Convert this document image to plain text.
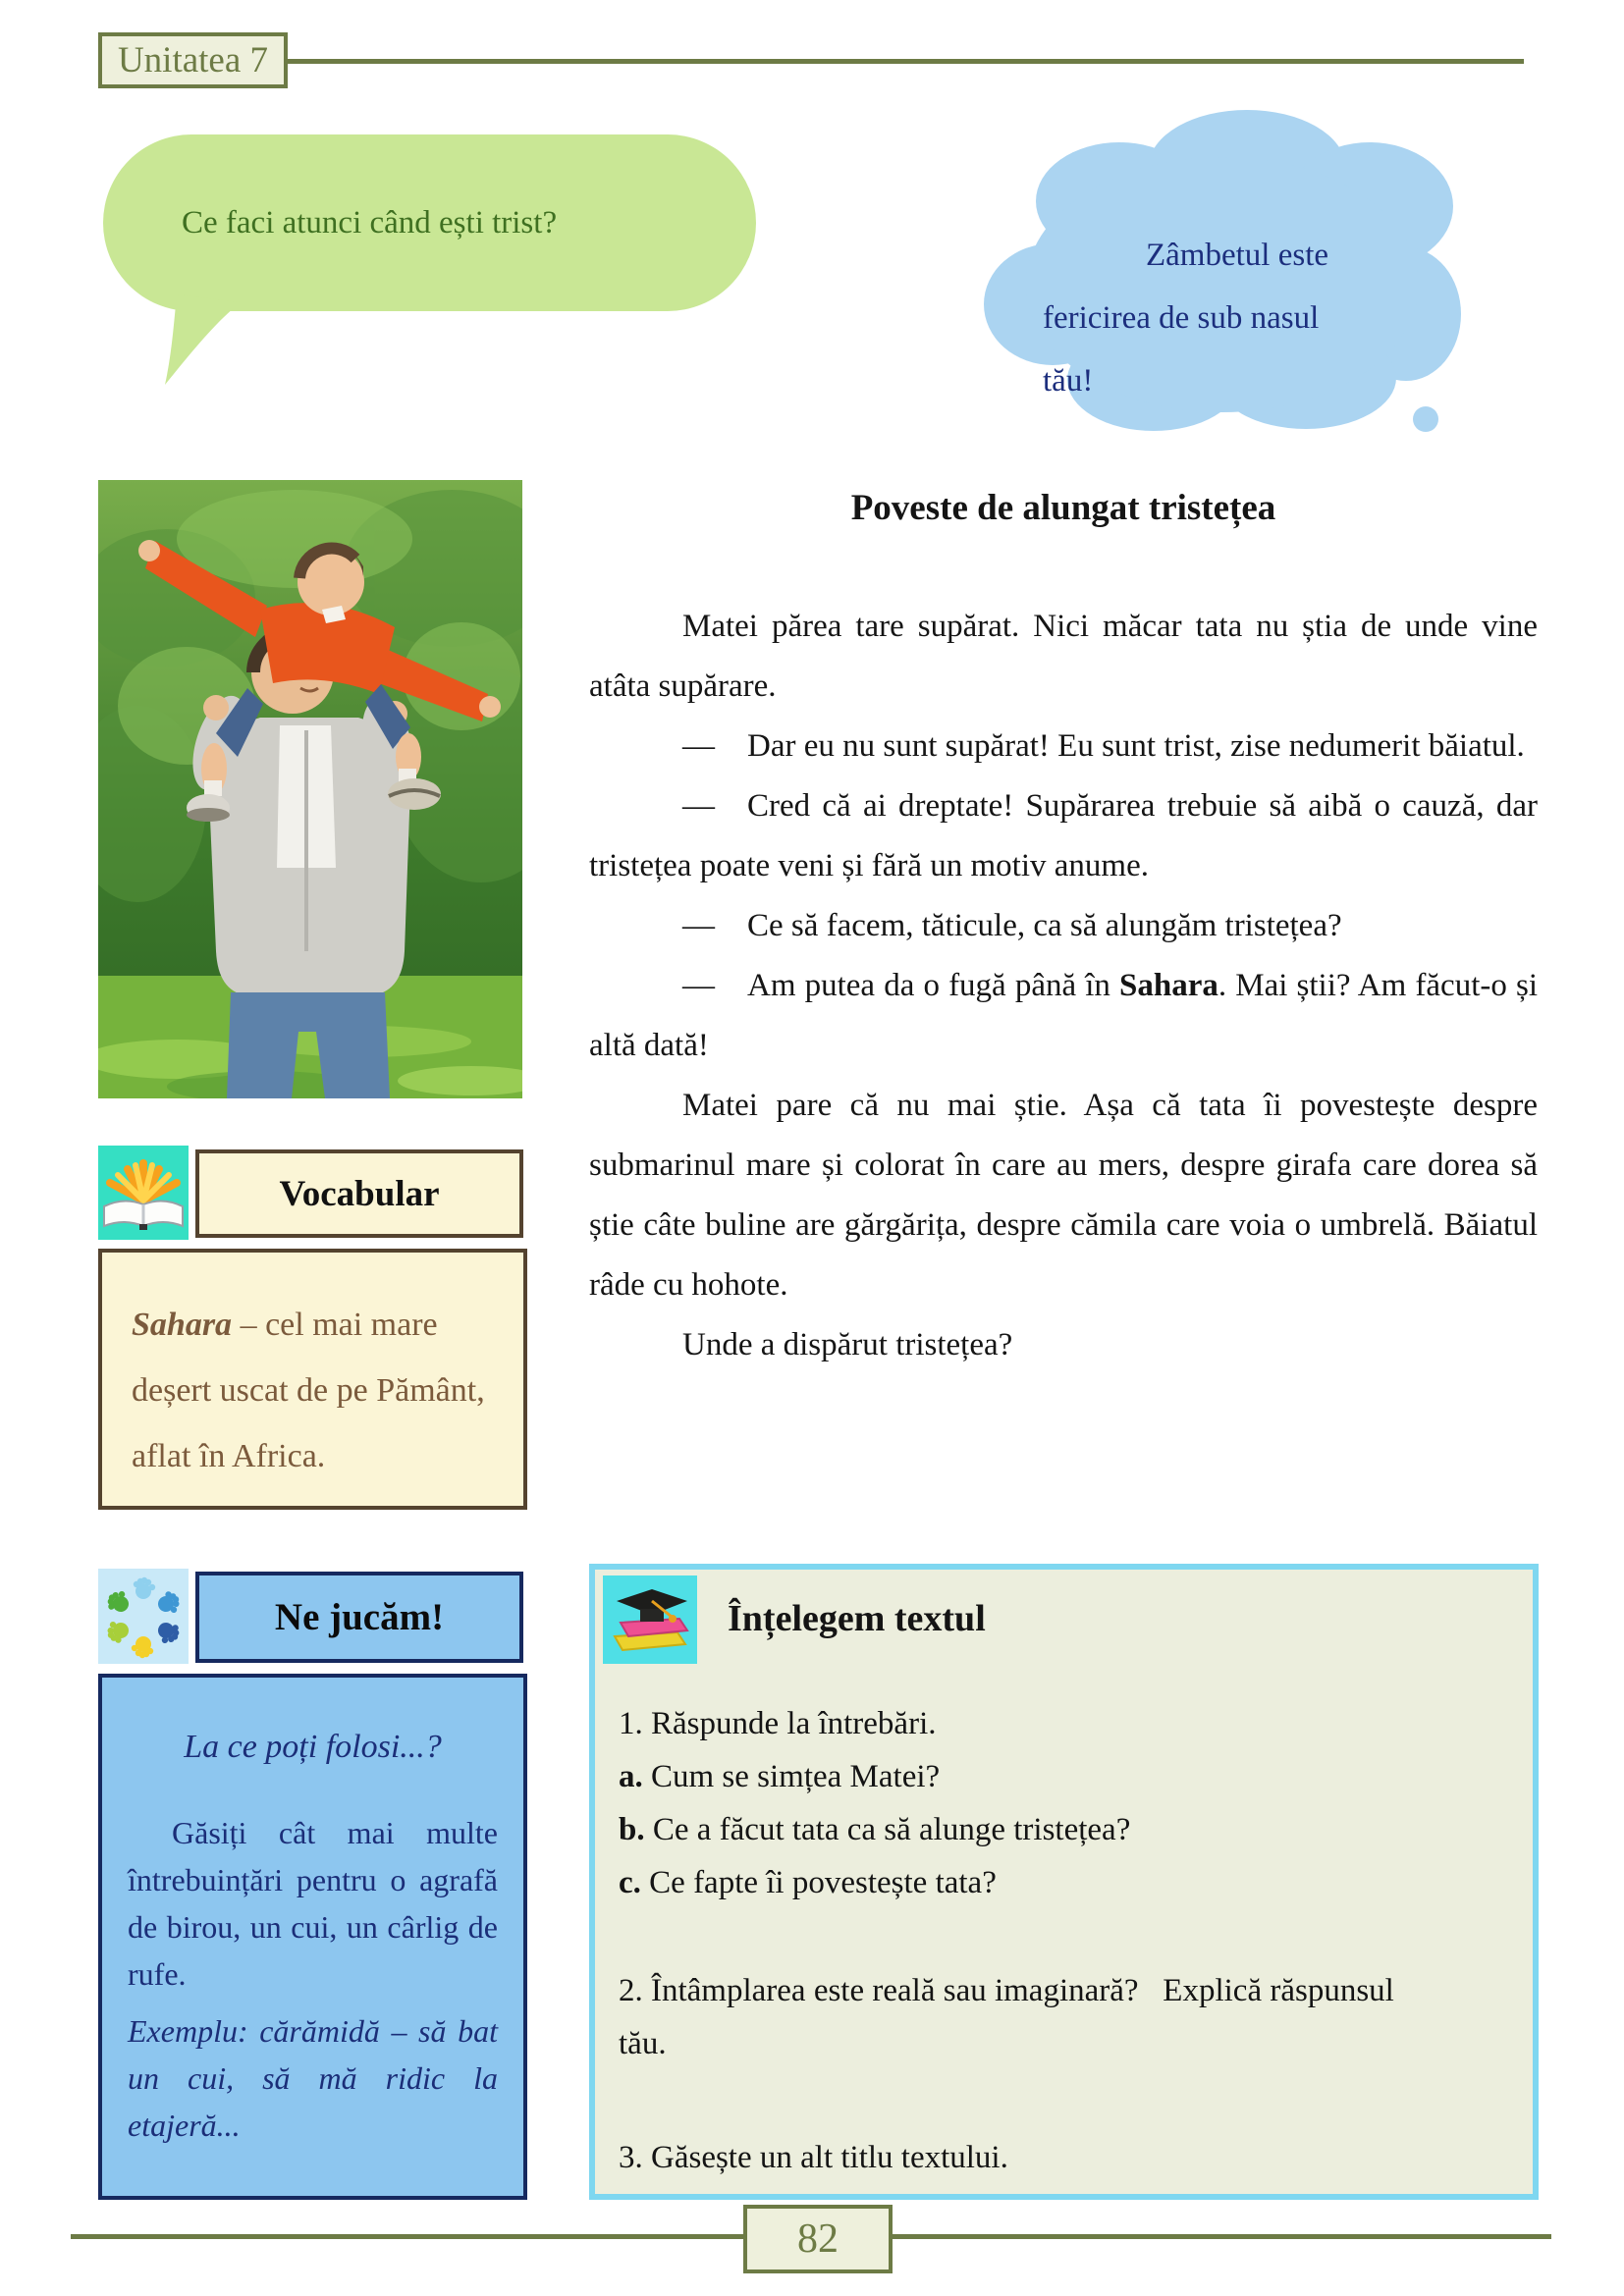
Unitatea 7
Ce faci atunci când ești trist?
Zâmbetul este
fericirea de sub nasul
tău!
Poveste de alungat tristețea

Matei părea tare supărat. Nici măcar tata nu știa de unde vine atâta supărare.

— Dar eu nu sunt supărat! Eu sunt trist, zise nedumerit băiatul.

— Cred că ai dreptate! Supărarea trebuie să aibă o cauză, dar tristețea poate veni și fără un motiv anume.

— Ce să facem, tăticule, ca să alungăm tristețea?

— Am putea da o fugă până în Sahara. Mai știi? Am făcut-o și altă dată!

Matei pare că nu mai știe. Așa că tata îi povestește despre submarinul mare și colorat în care au mers, despre girafa care dorea să știe câte buline are gărgărița, despre cămila care voia o umbrelă. Băiatul râde cu hohote.

Unde a dispărut tristețea?

Vocabular

Sahara – cel mai mare deșert uscat de pe Pământ, aflat în Africa.

Ne jucăm!
La ce poți folosi...?
Găsiți cât mai multe întrebuințări pentru o agrafă de birou, un cui, un cârlig de rufe.
Exemplu: cărămidă – să bat un cui, să mă ridic la etajeră...
Înțelegem textul
1. Răspunde la întrebări.
a. Cum se simțea Matei?
b. Ce a făcut tata ca să alunge tristețea?
c. Ce fapte îi povestește tata?
2. Întâmplarea este reală sau imaginară?  Explică răspunsul
tău.
3. Găsește un alt titlu textului.
82
